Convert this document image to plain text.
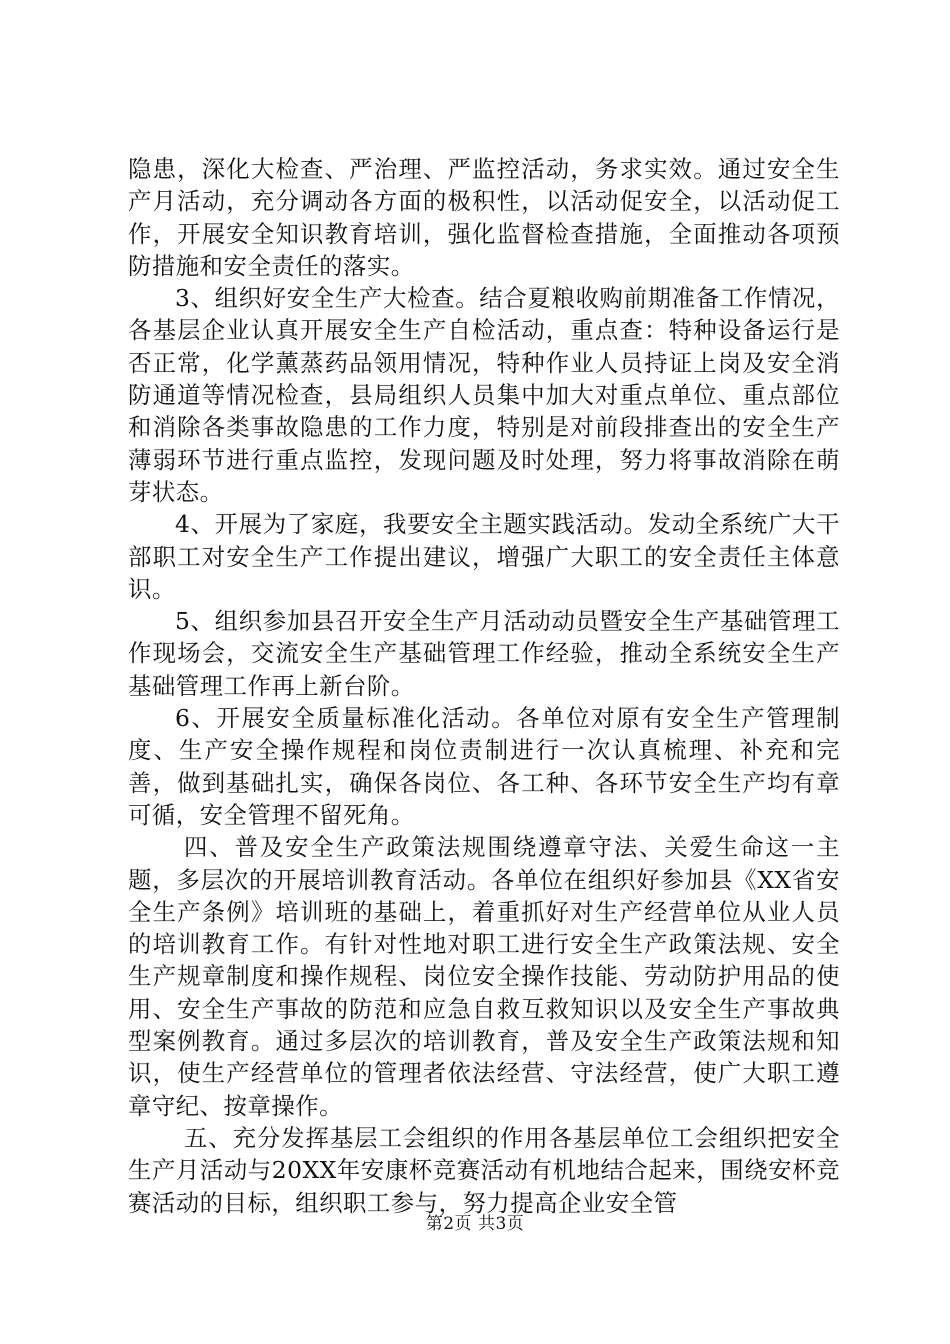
隐患，深化大检查、严治理、严监控活动，务求实效。通过安全生产月活动，充分调动各方面的极积性，以活动促安全，以活动促工作，开展安全知识教育培训，强化监督检查措施，全面推动各项预防措施和安全责任的落实。

3、组织好安全生产大检查。结合夏粮收购前期准备工作情况，各基层企业认真开展安全生产自检活动，重点查：特种设备运行是否正常，化学薰蒸药品领用情况，特种作业人员持证上岗及安全消防通道等情况检查，县局组织人员集中加大对重点单位、重点部位和消除各类事故隐患的工作力度，特别是对前段排查出的安全生产薄弱环节进行重点监控，发现问题及时处理，努力将事故消除在萌芽状态。

4、开展为了家庭，我要安全主题实践活动。发动全系统广大干部职工对安全生产工作提出建议，增强广大职工的安全责任主体意识。

5、组织参加县召开安全生产月活动动员暨安全生产基础管理工作现场会，交流安全生产基础管理工作经验，推动全系统安全生产基础管理工作再上新台阶。

6、开展安全质量标准化活动。各单位对原有安全生产管理制度、生产安全操作规程和岗位责制进行一次认真梳理、补充和完善，做到基础扎实，确保各岗位、各工种、各环节安全生产均有章可循，安全管理不留死角。

四、普及安全生产政策法规围绕遵章守法、关爱生命这一主题，多层次的开展培训教育活动。各单位在组织好参加县《XX省安全生产条例》培训班的基础上，着重抓好对生产经营单位从业人员的培训教育工作。有针对性地对职工进行安全生产政策法规、安全生产规章制度和操作规程、岗位安全操作技能、劳动防护用品的使用、安全生产事故的防范和应急自救互救知识以及安全生产事故典型案例教育。通过多层次的培训教育，普及安全生产政策法规和知识，使生产经营单位的管理者依法经营、守法经营，使广大职工遵章守纪、按章操作。

五、充分发挥基层工会组织的作用各基层单位工会组织把安全生产月活动与20XX年安康杯竞赛活动有机地结合起来，围绕安杯竞赛活动的目标，组织职工参与，努力提高企业安全管

第2页 共3页
